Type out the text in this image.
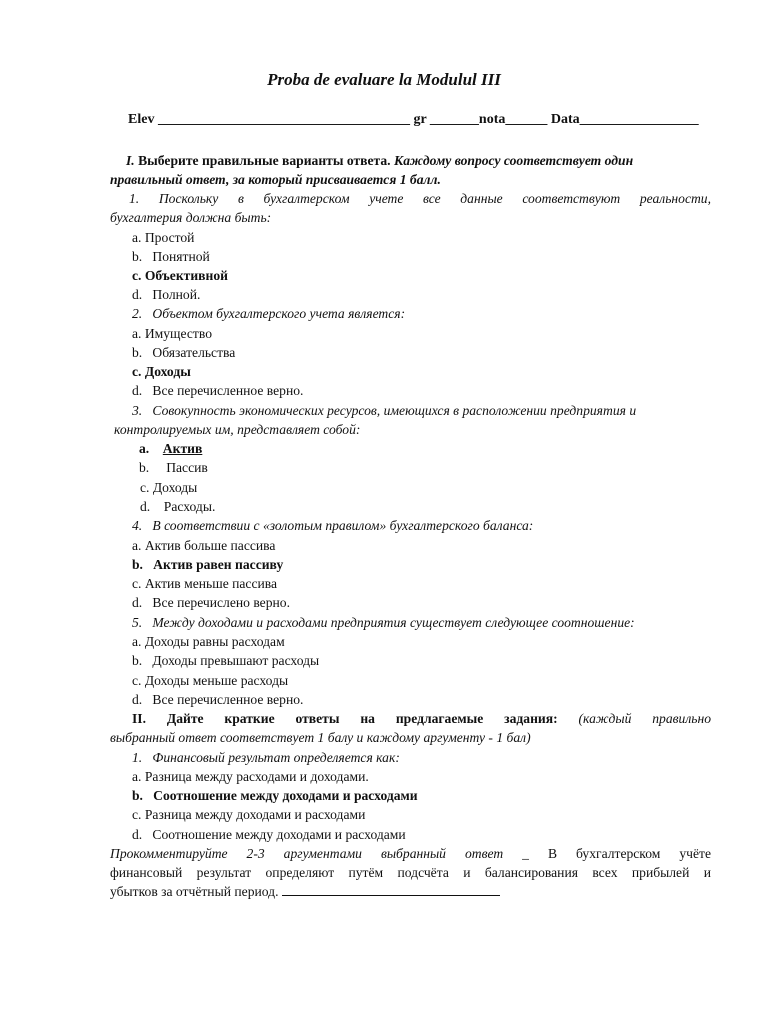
Proba de evaluare la Modulul III
Elev ____________________________________ gr _______nota______ Data_________________
I. Выберите правильные варианты ответа. Каждому вопросу соответствует один
правильный ответ, за который присваивается 1 балл.
1. Поскольку в бухгалтерском учете все данные соответствуют реальности,
бухгалтерия должна быть:
a. Простой
b. Понятной
c. Объективной
d. Полной.
2. Объектом бухгалтерского учета является:
a. Имущество
b. Обязательства
c. Доходы
d. Все перечисленное верно.
3. Совокупность экономических ресурсов, имеющихся в расположении предприятия и
контролируемых им, представляет собой:
a. Актив
b. Пассив
c. Доходы
d. Расходы.
4. В соответствии с «золотым правилом» бухгалтерского баланса:
a. Актив больше пассива
b. Актив равен пассиву
c. Актив меньше пассива
d. Все перечислено верно.
5. Между доходами и расходами предприятия существует следующее соотношение:
a. Доходы равны расходам
b. Доходы превышают расходы
c. Доходы меньше расходы
d. Все перечисленное верно.
II. Дайте краткие ответы на предлагаемые задания: (каждый правильно
выбранный ответ соответствует 1 балу и каждому аргументу - 1 бал)
1. Финансовый результат определяется как:
a. Разница между расходами и доходами.
b. Соотношение между доходами и расходами
c. Разница между доходами и расходами
d. Соотношение между доходами и расходами
Прокомментируйте 2-3 аргументами выбранный ответ _ В бухгалтерском учёте
финансовый результат определяют путём подсчёта и балансирования всех прибылей и
убытков за отчётный период.
